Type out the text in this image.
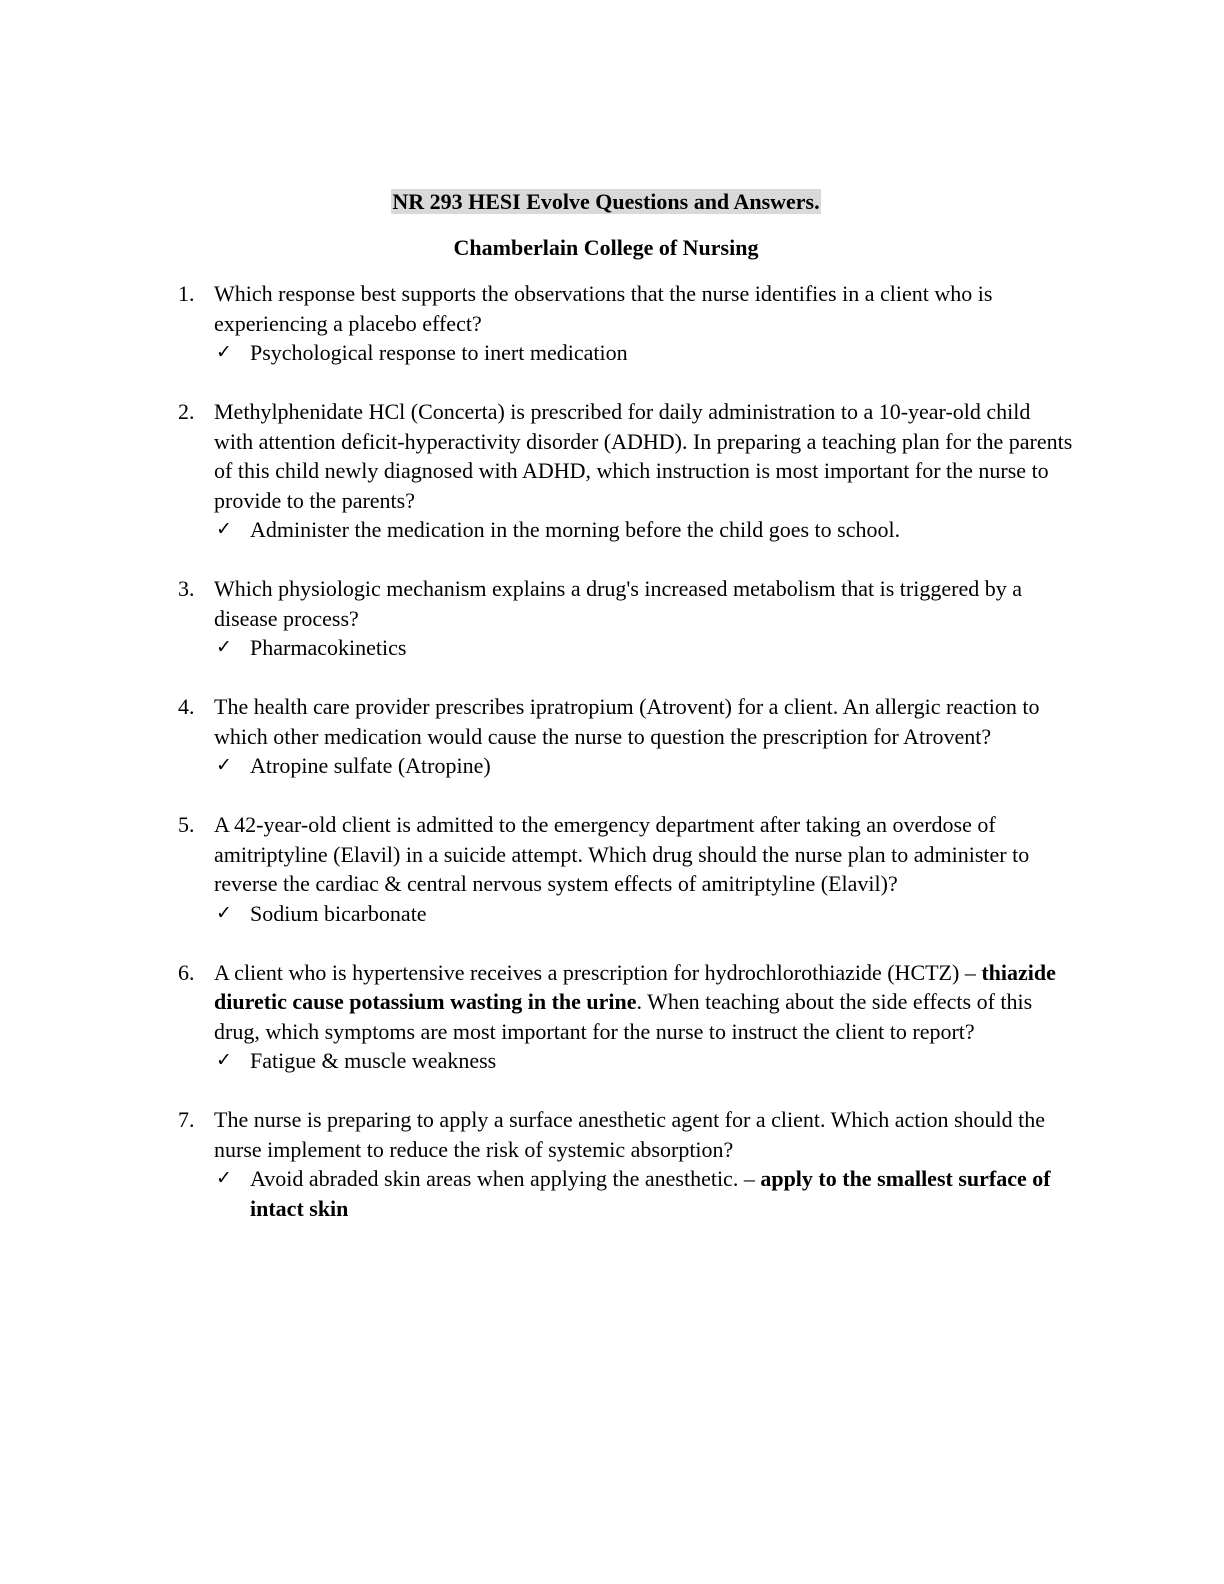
NR 293 HESI Evolve Questions and Answers.
Chamberlain College of Nursing
1. Which response best supports the observations that the nurse identifies in a client who is experiencing a placebo effect?
✓ Psychological response to inert medication
2. Methylphenidate HCl (Concerta) is prescribed for daily administration to a 10-year-old child with attention deficit-hyperactivity disorder (ADHD). In preparing a teaching plan for the parents of this child newly diagnosed with ADHD, which instruction is most important for the nurse to provide to the parents?
✓ Administer the medication in the morning before the child goes to school.
3. Which physiologic mechanism explains a drug's increased metabolism that is triggered by a disease process?
✓ Pharmacokinetics
4. The health care provider prescribes ipratropium (Atrovent) for a client. An allergic reaction to which other medication would cause the nurse to question the prescription for Atrovent?
✓ Atropine sulfate (Atropine)
5. A 42-year-old client is admitted to the emergency department after taking an overdose of amitriptyline (Elavil) in a suicide attempt. Which drug should the nurse plan to administer to reverse the cardiac & central nervous system effects of amitriptyline (Elavil)?
✓ Sodium bicarbonate
6. A client who is hypertensive receives a prescription for hydrochlorothiazide (HCTZ) – thiazide diuretic cause potassium wasting in the urine. When teaching about the side effects of this drug, which symptoms are most important for the nurse to instruct the client to report?
✓ Fatigue & muscle weakness
7. The nurse is preparing to apply a surface anesthetic agent for a client. Which action should the nurse implement to reduce the risk of systemic absorption?
✓ Avoid abraded skin areas when applying the anesthetic. – apply to the smallest surface of intact skin
